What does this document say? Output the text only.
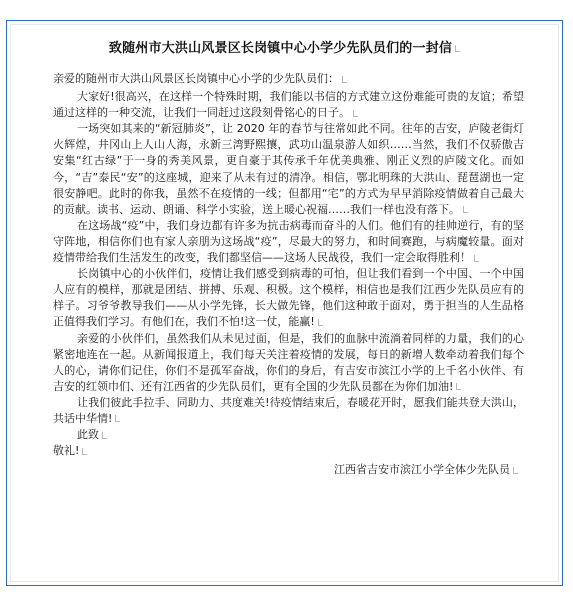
致随州市大洪山风景区长岗镇中心小学少先队员们的一封信

亲爱的随州市大洪山风景区长岗镇中心小学的少先队员们：

大家好!很高兴，在这样一个特殊时期，我们能以书信的方式建立这份难能可贵的友谊；希望通过这样的一种交流，让我们一同赶过这段刻骨铭心的日子。

一场突如其来的“新冠肺炎”，让 2020 年的春节与往常如此不同。往年的吉安，庐陵老街灯火辉煌，井冈山上人山人海，永新三湾野熙攘，武功山温泉游人如织……当然，我们不仅骄傲吉安集“红古绿”于一身的秀美风景，更自豪于其传承千年优美典雅、刚正义烈的庐陵文化。而如今，“吉”泰民“安”的这座城，迎来了从未有过的清净。相信，鄂北明珠的大洪山、琵琶湖也一定很安静吧。此时的你我，虽然不在疫情的一线；但都用“宅”的方式为早早消除疫情做着自己最大的贡献。读书、运动、朗诵、科学小实验，送上暖心祝福……我们一样也没有落下。

在这场战“疫”中，我们身边都有许多为抗击病毒而奋斗的人们。他们有的挂帅逆行，有的坚守阵地，相信你们也有家人亲朋为这场战“疫”，尽最大的努力，和时间赛跑，与病魔较量。面对疫情带给我们生活发生的改变，我们都坚信——这场人民战役，我们一定会取得胜利！

长岗镇中心的小伙伴们，疫情让我们感受到病毒的可怕，但让我们看到一个中国、一个中国人应有的模样，那就是团结、拼搏、乐观、积极。这个模样，相信也是我们江西少先队员应有的样子。习爷爷教导我们——从小学先锋，长大做先锋，他们这种敢于面对，勇于担当的人生品格正值得我们学习。有他们在，我们不怕!这一仗，能赢!

亲爱的小伙伴们，虽然我们从未见过面，但是，我们的血脉中流淌着同样的力量，我们的心紧密地连在一起。从新闻报道上，我们每天关注着疫情的发展，每日的新增人数牵动着我们每个人的心，请你们记住，你们不是孤军奋战，你们的身后，有吉安市滨江小学的上千名小伙伴、有吉安的红领巾们、还有江西省的少先队员们，更有全国的少先队员都在为你们加油!

让我们彼此手拉手、同助力、共度难关!待疫情结束后，春暖花开时，愿我们能共登大洪山，共话中华情!

此致

敬礼!

江西省吉安市滨江小学全体少先队员
